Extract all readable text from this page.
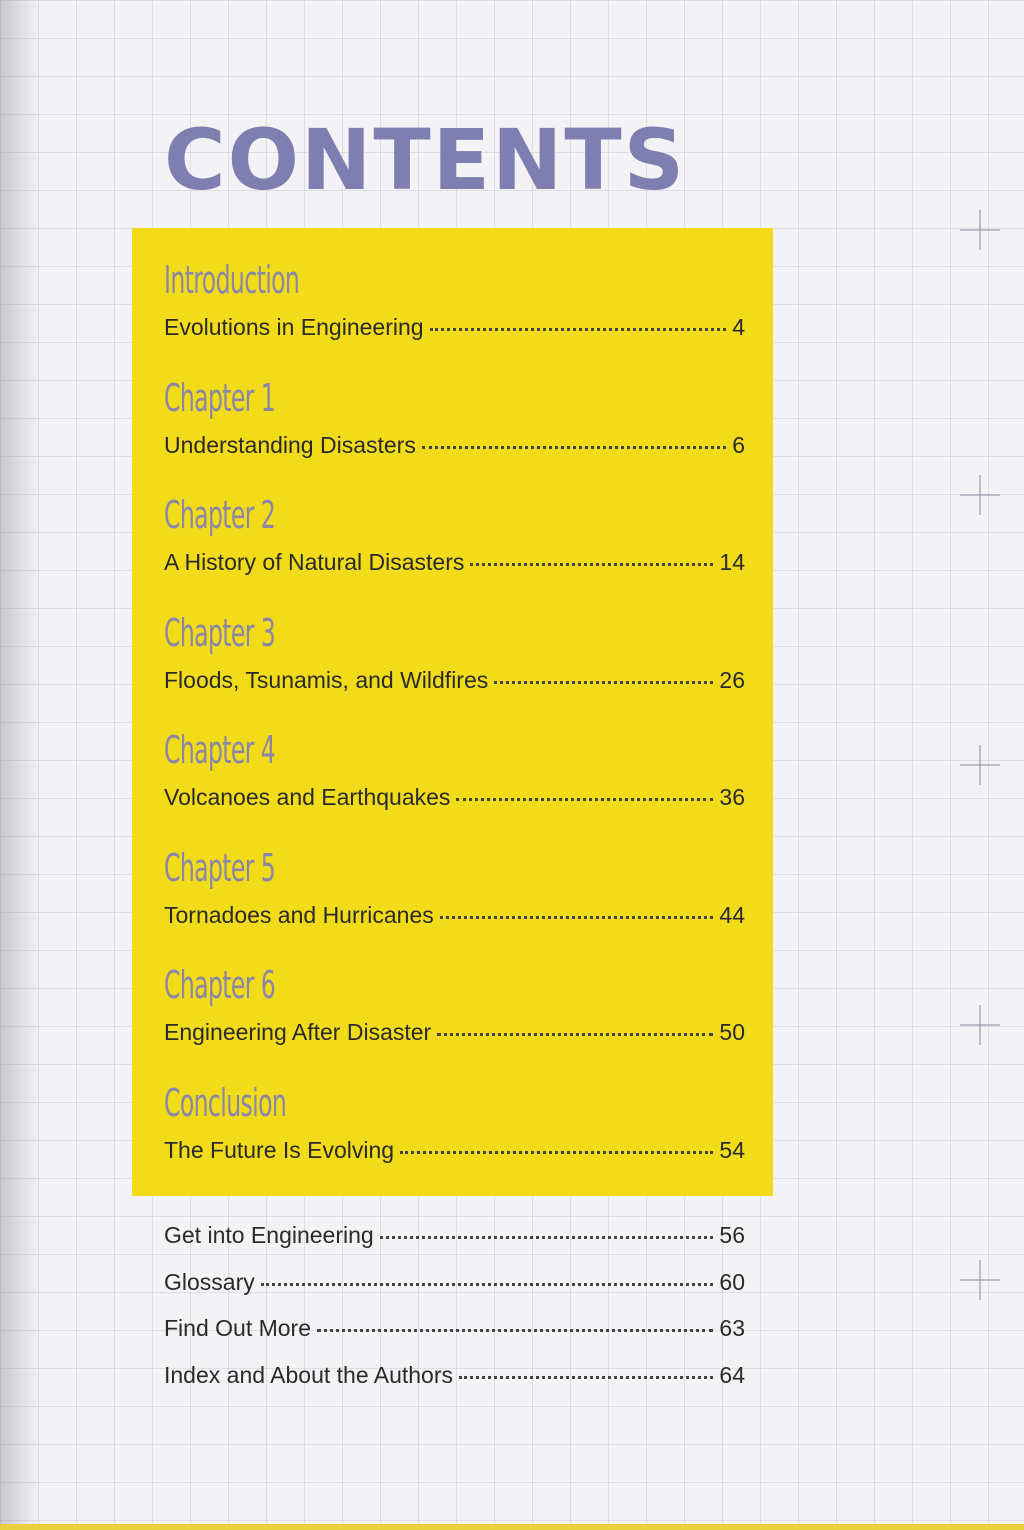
CONTENTS
Introduction
Evolutions in Engineering	4
Chapter 1
Understanding Disasters	6
Chapter 2
A History of Natural Disasters	14
Chapter 3
Floods, Tsunamis, and Wildfires	26
Chapter 4
Volcanoes and Earthquakes	36
Chapter 5
Tornadoes and Hurricanes	44
Chapter 6
Engineering After Disaster	50
Conclusion
The Future Is Evolving	54
Get into Engineering	56
Glossary	60
Find Out More	63
Index and About the Authors	64
